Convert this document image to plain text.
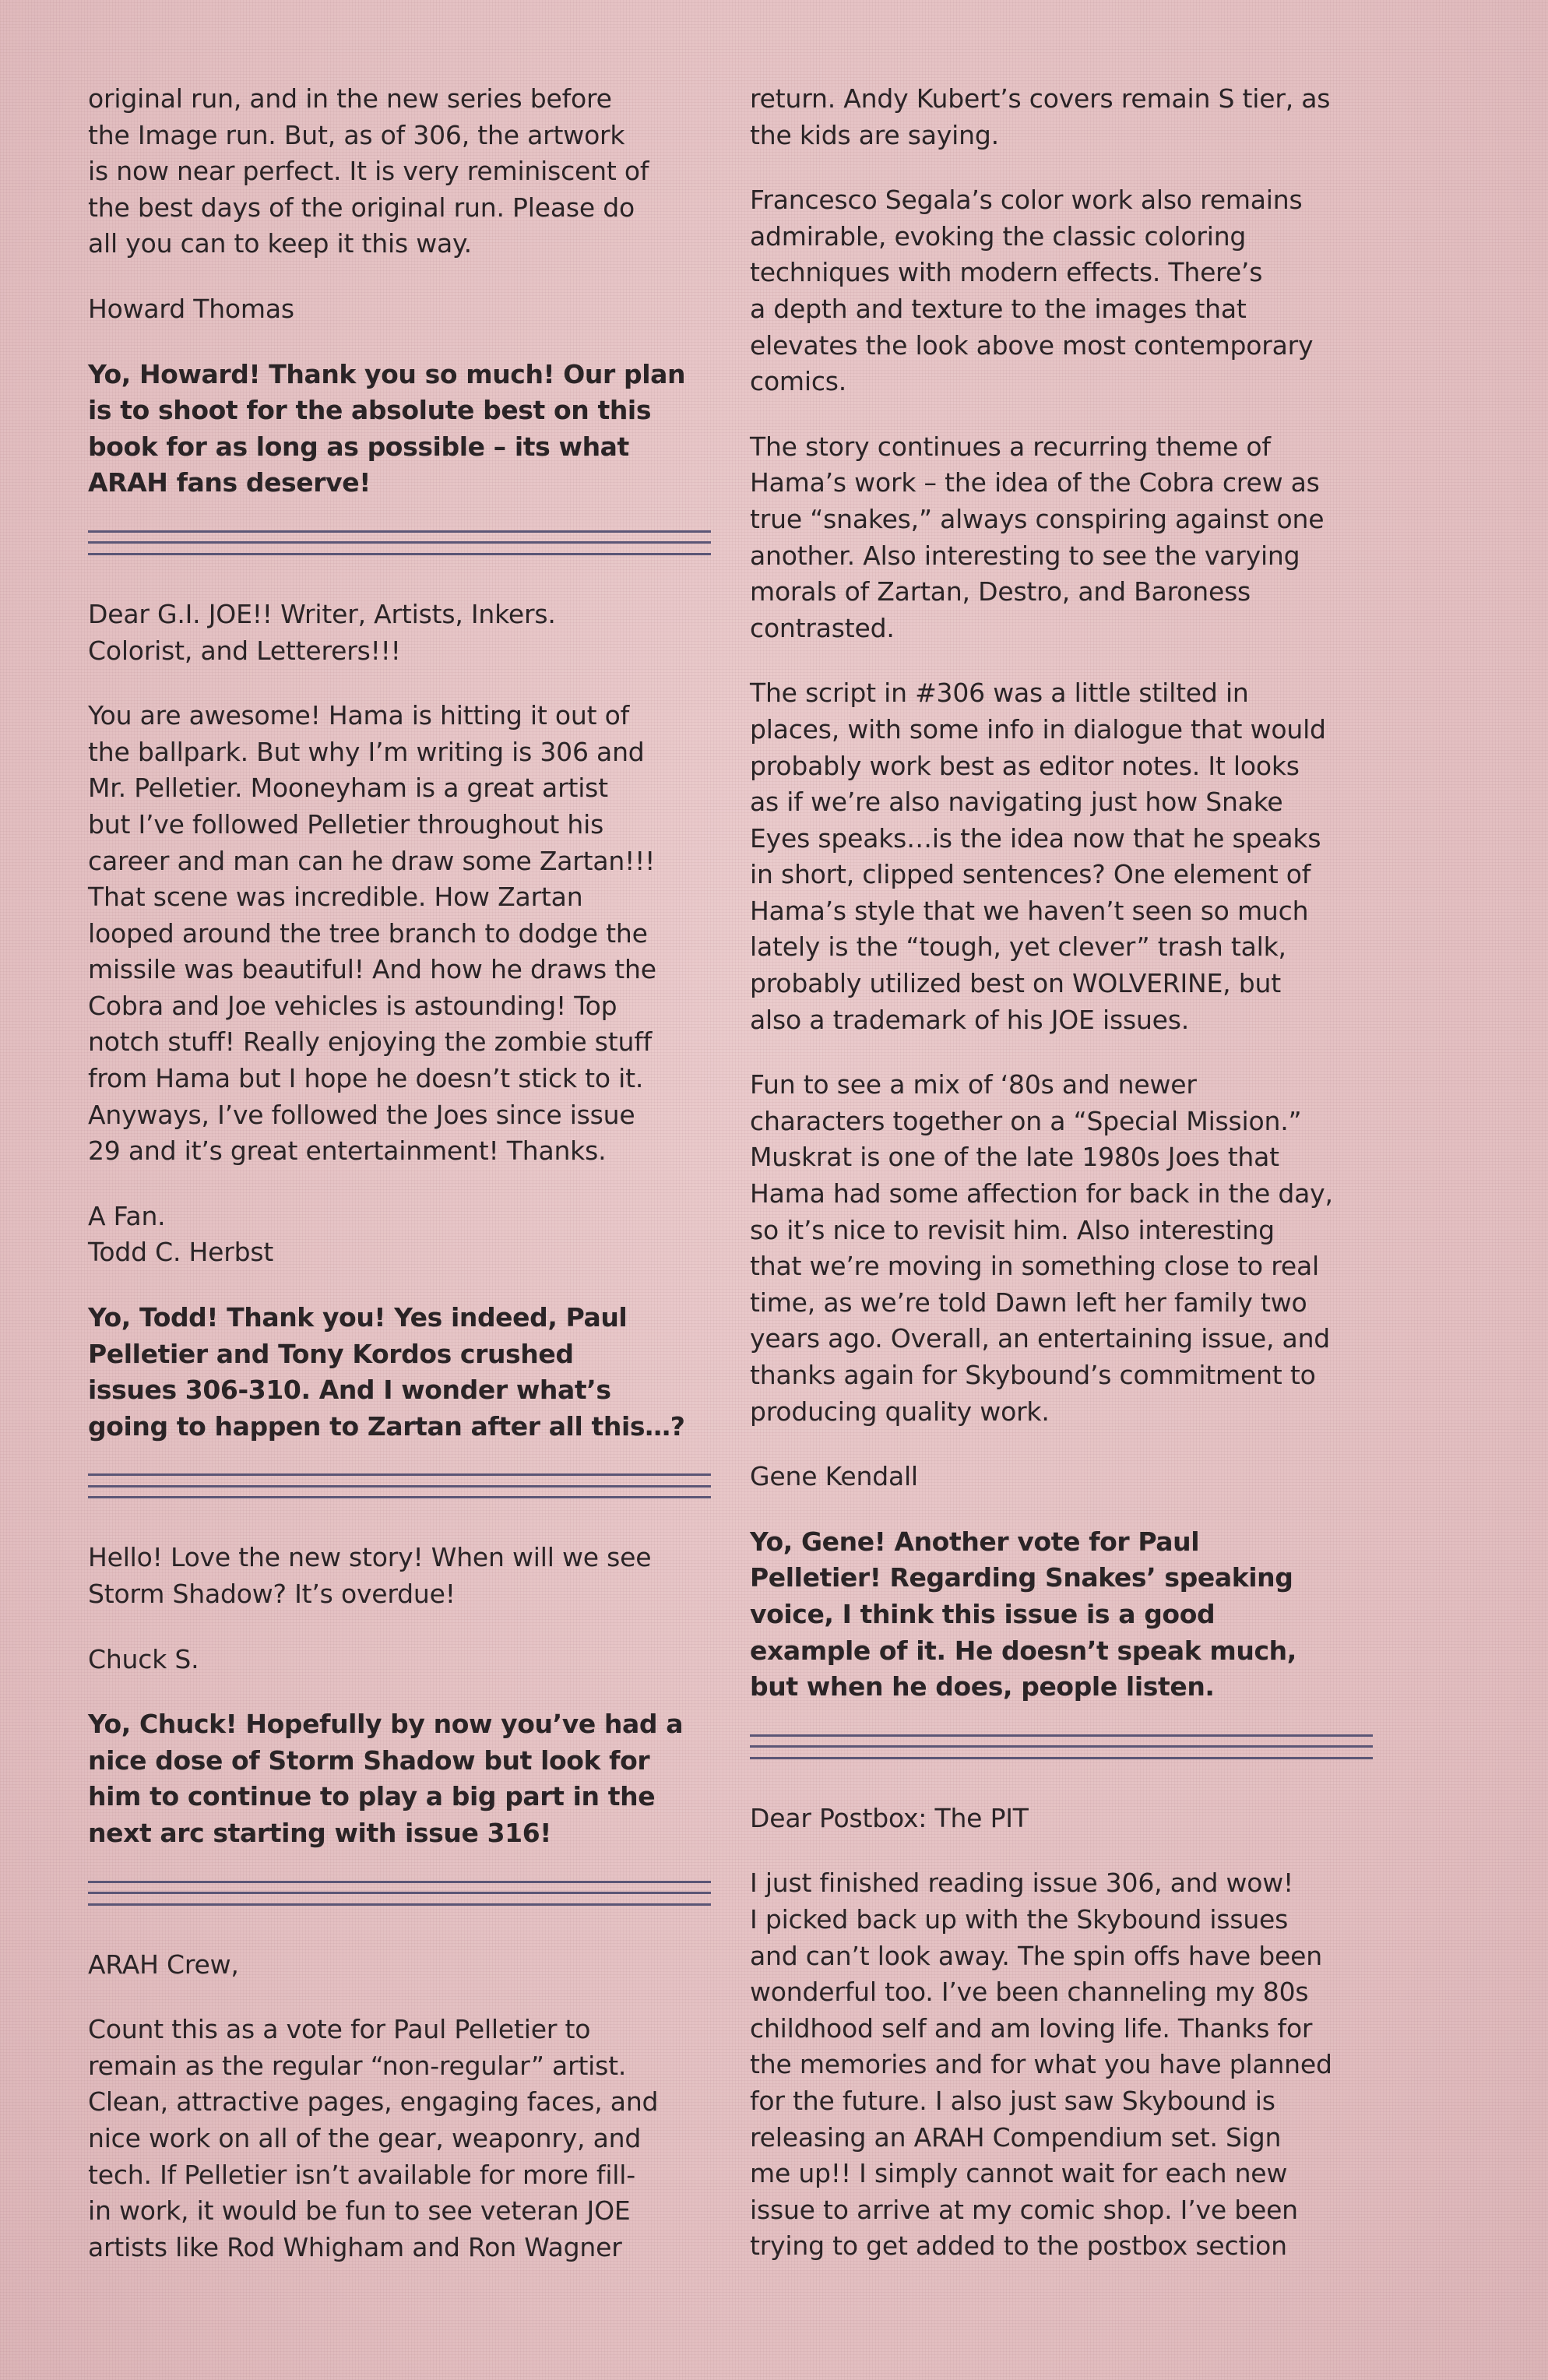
original run, and in the new series before
the Image run. But, as of 306, the artwork
is now near perfect. It is very reminiscent of
the best days of the original run. Please do
all you can to keep it this way.

Howard Thomas

Yo, Howard! Thank you so much! Our plan
is to shoot for the absolute best on this
book for as long as possible – its what
ARAH fans deserve!

Dear G.I. JOE!! Writer, Artists, Inkers.
Colorist, and Letterers!!!

You are awesome! Hama is hitting it out of
the ballpark. But why I’m writing is 306 and
Mr. Pelletier. Mooneyham is a great artist
but I’ve followed Pelletier throughout his
career and man can he draw some Zartan!!!
That scene was incredible. How Zartan
looped around the tree branch to dodge the
missile was beautiful! And how he draws the
Cobra and Joe vehicles is astounding! Top
notch stuff! Really enjoying the zombie stuff
from Hama but I hope he doesn’t stick to it.
Anyways, I’ve followed the Joes since issue
29 and it’s great entertainment! Thanks.

A Fan.
Todd C. Herbst

Yo, Todd! Thank you! Yes indeed, Paul
Pelletier and Tony Kordos crushed
issues 306-310. And I wonder what’s
going to happen to Zartan after all this…?

Hello! Love the new story! When will we see
Storm Shadow? It’s overdue!

Chuck S.

Yo, Chuck! Hopefully by now you’ve had a
nice dose of Storm Shadow but look for
him to continue to play a big part in the
next arc starting with issue 316!

ARAH Crew,

Count this as a vote for Paul Pelletier to
remain as the regular “non-regular” artist.
Clean, attractive pages, engaging faces, and
nice work on all of the gear, weaponry, and
tech. If Pelletier isn’t available for more fill-
in work, it would be fun to see veteran JOE
artists like Rod Whigham and Ron Wagner

return. Andy Kubert’s covers remain S tier, as
the kids are saying.

Francesco Segala’s color work also remains
admirable, evoking the classic coloring
techniques with modern effects. There’s
a depth and texture to the images that
elevates the look above most contemporary
comics.

The story continues a recurring theme of
Hama’s work – the idea of the Cobra crew as
true “snakes,” always conspiring against one
another. Also interesting to see the varying
morals of Zartan, Destro, and Baroness
contrasted.

The script in #306 was a little stilted in
places, with some info in dialogue that would
probably work best as editor notes. It looks
as if we’re also navigating just how Snake
Eyes speaks…is the idea now that he speaks
in short, clipped sentences? One element of
Hama’s style that we haven’t seen so much
lately is the “tough, yet clever” trash talk,
probably utilized best on WOLVERINE, but
also a trademark of his JOE issues.

Fun to see a mix of ‘80s and newer
characters together on a “Special Mission.”
Muskrat is one of the late 1980s Joes that
Hama had some affection for back in the day,
so it’s nice to revisit him. Also interesting
that we’re moving in something close to real
time, as we’re told Dawn left her family two
years ago. Overall, an entertaining issue, and
thanks again for Skybound’s commitment to
producing quality work.

Gene Kendall

Yo, Gene! Another vote for Paul
Pelletier! Regarding Snakes’ speaking
voice, I think this issue is a good
example of it. He doesn’t speak much,
but when he does, people listen.

Dear Postbox: The PIT

I just finished reading issue 306, and wow!
I picked back up with the Skybound issues
and can’t look away. The spin offs have been
wonderful too. I’ve been channeling my 80s
childhood self and am loving life. Thanks for
the memories and for what you have planned
for the future. I also just saw Skybound is
releasing an ARAH Compendium set. Sign
me up!! I simply cannot wait for each new
issue to arrive at my comic shop. I’ve been
trying to get added to the postbox section
